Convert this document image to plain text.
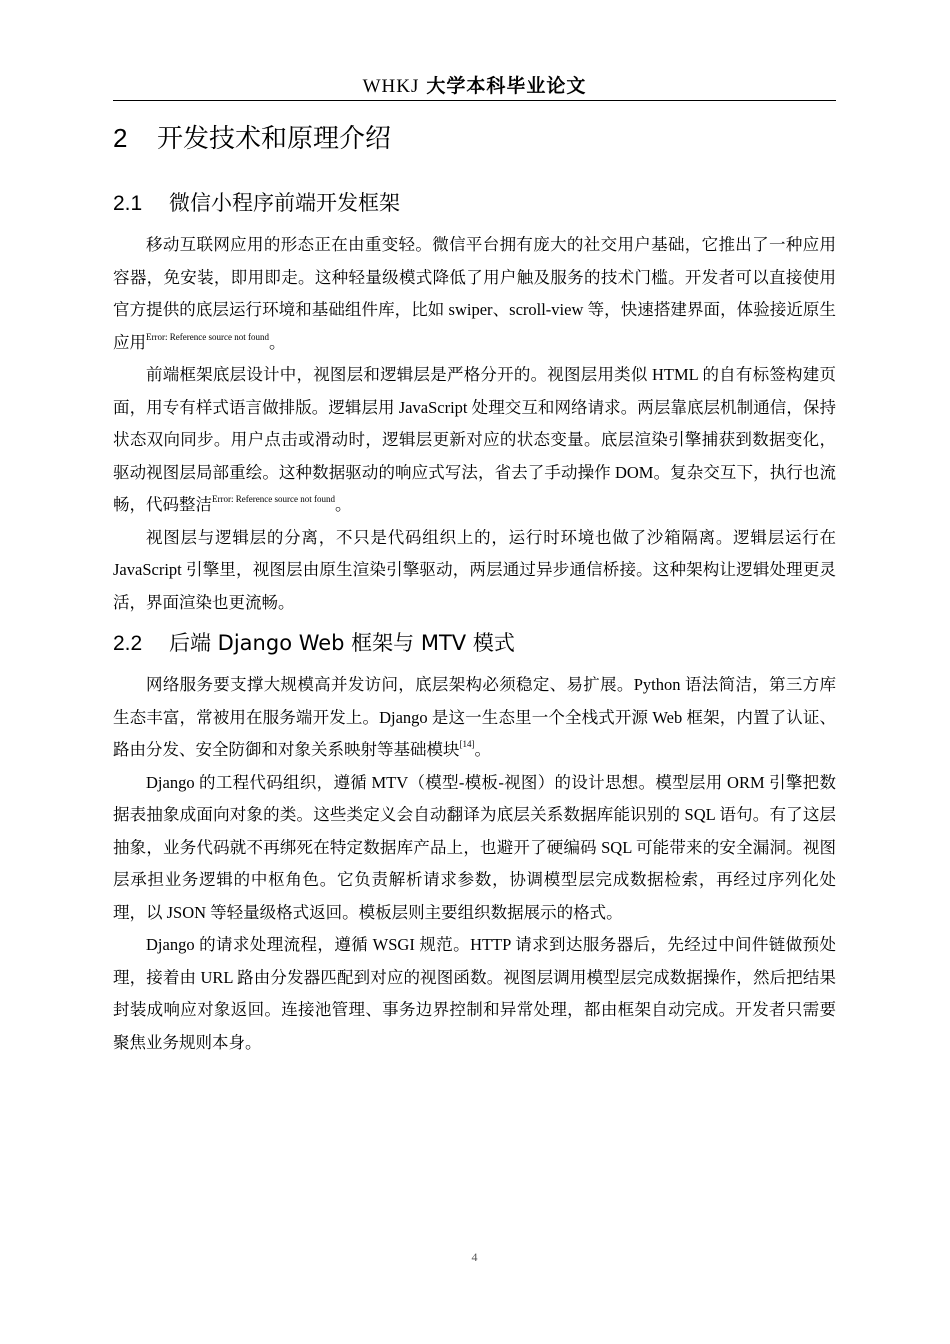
WHKJ 大学本科毕业论文
2 开发技术和原理介绍
2.1 微信小程序前端开发框架

移动互联网应用的形态正在由重变轻。微信平台拥有庞大的社交用户基础，它推出了一种应用容器，免安装，即用即走。这种轻量级模式降低了用户触及服务的技术门槛。开发者可以直接使用官方提供的底层运行环境和基础组件库，比如 swiper、scroll-view 等，快速搭建界面，体验接近原生应用$^{Error: Reference source not found}$。

前端框架底层设计中，视图层和逻辑层是严格分开的。视图层用类似 HTML 的自有标签构建页面，用专有样式语言做排版。逻辑层用 JavaScript 处理交互和网络请求。两层靠底层机制通信，保持状态双向同步。用户点击或滑动时，逻辑层更新对应的状态变量。底层渲染引擎捕获到数据变化，驱动视图层局部重绘。这种数据驱动的响应式写法，省去了手动操作 DOM。复杂交互下，执行也流畅，代码整洁$^{Error: Reference source not found}$。

视图层与逻辑层的分离，不只是代码组织上的，运行时环境也做了沙箱隔离。逻辑层运行在 JavaScript 引擎里，视图层由原生渲染引擎驱动，两层通过异步通信桥接。这种架构让逻辑处理更灵活，界面渲染也更流畅。

2.2 后端 Django Web 框架与 MTV 模式

网络服务要支撑大规模高并发访问，底层架构必须稳定、易扩展。Python 语法简洁，第三方库生态丰富，常被用在服务端开发上。Django 是这一生态里一个全栈式开源 Web 框架，内置了认证、路由分发、安全防御和对象关系映射等基础模块[14]。

Django 的工程代码组织，遵循 MTV（模型-模板-视图）的设计思想。模型层用 ORM 引擎把数据表抽象成面向对象的类。这些类定义会自动翻译为底层关系数据库能识别的 SQL 语句。有了这层抽象，业务代码就不再绑死在特定数据库产品上，也避开了硬编码 SQL 可能带来的安全漏洞。视图层承担业务逻辑的中枢角色。它负责解析请求参数，协调模型层完成数据检索，再经过序列化处理，以 JSON 等轻量级格式返回。模板层则主要组织数据展示的格式。

Django 的请求处理流程，遵循 WSGI 规范。HTTP 请求到达服务器后，先经过中间件链做预处理，接着由 URL 路由分发器匹配到对应的视图函数。视图层调用模型层完成数据操作，然后把结果封装成响应对象返回。连接池管理、事务边界控制和异常处理，都由框架自动完成。开发者只需要聚焦业务规则本身。

4
